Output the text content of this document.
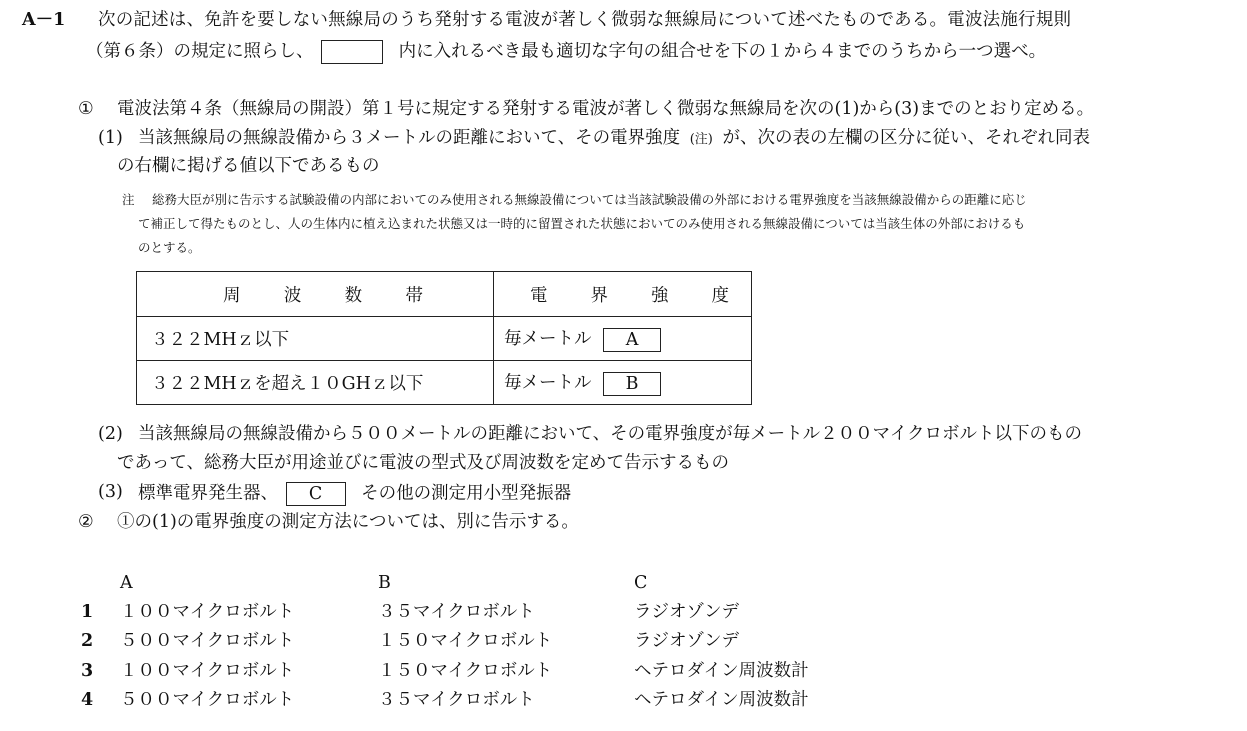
A－1 次の記述は、免許を要しない無線局のうち発射する電波が著しく微弱な無線局について述べたものである。電波法施行規則
（第６条）の規定に照らし、	内に入れるべき最も適切な字句の組合せを下の１から４までのうちから一つ選べ。
① 電波法第４条（無線局の開設）第１号に規定する発射する電波が著しく微弱な無線局を次の(1)から(3)までのとおり定める。
(1) 当該無線局の無線設備から３メートルの距離において、その電界強度 (注) が、次の表の左欄の区分に従い、それぞれ同表
の右欄に掲げる値以下であるもの
注 総務大臣が別に告示する試験設備の内部においてのみ使用される無線設備については当該試験設備の外部における電界強度を当該無線設備からの距離に応じ
て補正して得たものとし、人の生体内に植え込まれた状態又は一時的に留置された状態においてのみ使用される無線設備については当該生体の外部におけるも
のとする。
周 波 数 帯	電 界 強 度

３２２MHｚ以下	毎メートル A
３２２MHｚを超え１０GHｚ以下	毎メートル B
(2) 当該無線局の無線設備から５００メートルの距離において、その電界強度が毎メートル２００マイクロボルト以下のもの
であって、総務大臣が用途並びに電波の型式及び周波数を定めて告示するもの
(3) 標準電界発生器、 C その他の測定用小型発振器
② ①の(1)の電界強度の測定方法については、別に告示する。
A	B	C
1 １００マイクロボルト	３５マイクロボルト	ラジオゾンデ
2 ５００マイクロボルト	１５０マイクロボルト	ラジオゾンデ
3 １００マイクロボルト	１５０マイクロボルト	ヘテロダイン周波数計
4 ５００マイクロボルト	３５マイクロボルト	ヘテロダイン周波数計
